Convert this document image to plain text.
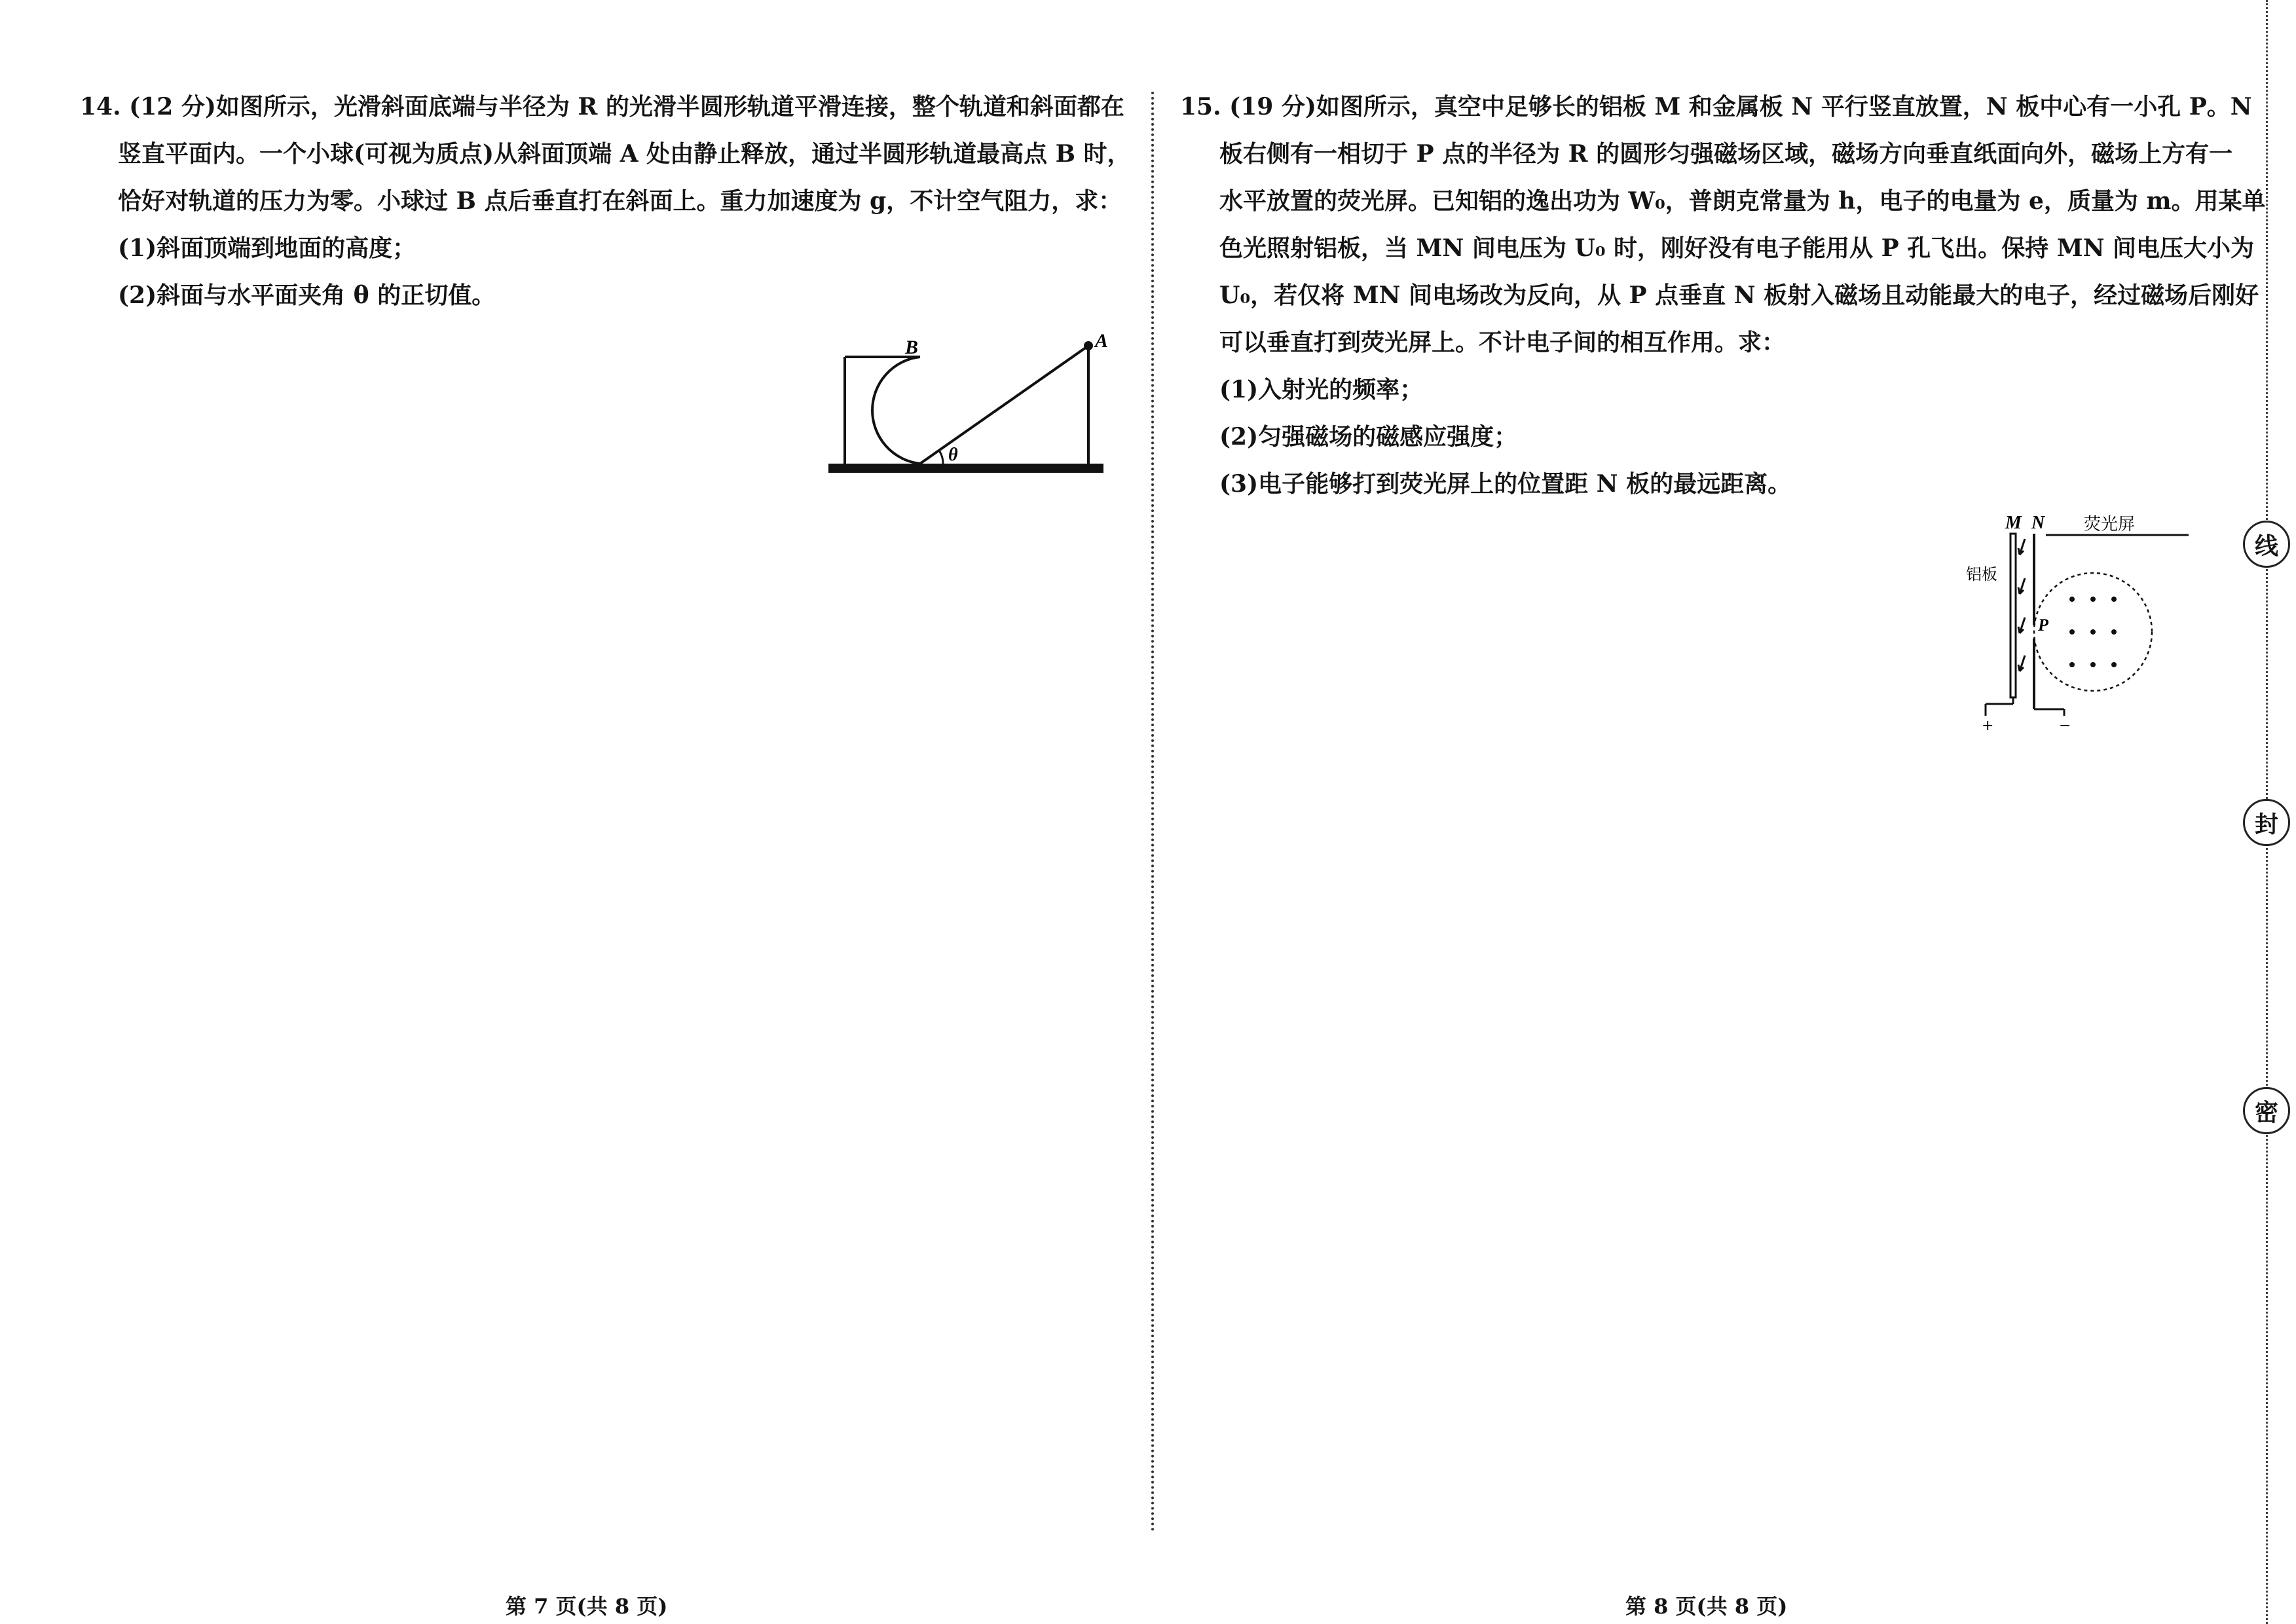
14. (12 分)如图所示，光滑斜面底端与半径为 R 的光滑半圆形轨道平滑连接，整个轨道和斜面都在
竖直平面内。一个小球(可视为质点)从斜面顶端 A 处由静止释放，通过半圆形轨道最高点 B 时，
恰好对轨道的压力为零。小球过 B 点后垂直打在斜面上。重力加速度为 g，不计空气阻力，求：
(1)斜面顶端到地面的高度；
(2)斜面与水平面夹角 θ 的正切值。
B	A
θ
第 7 页(共 8 页)
15. (19 分)如图所示，真空中足够长的铝板 M 和金属板 N 平行竖直放置，N 板中心有一小孔 P。N
板右侧有一相切于 P 点的半径为 R 的圆形匀强磁场区域，磁场方向垂直纸面向外，磁场上方有一
水平放置的荧光屏。已知铝的逸出功为 W₀，普朗克常量为 h，电子的电量为 e，质量为 m。用某单
色光照射铝板，当 MN 间电压为 U₀ 时，刚好没有电子能用从 P 孔飞出。保持 MN 间电压大小为
U₀，若仅将 MN 间电场改为反向，从 P 点垂直 N 板射入磁场且动能最大的电子，经过磁场后刚好
可以垂直打到荧光屏上。不计电子间的相互作用。求：
(1)入射光的频率；
(2)匀强磁场的磁感应强度；
(3)电子能够打到荧光屏上的位置距 N 板的最远距离。
+	−
M N 荧光屏
铝板
P
第 8 页(共 8 页)
线
封
密
